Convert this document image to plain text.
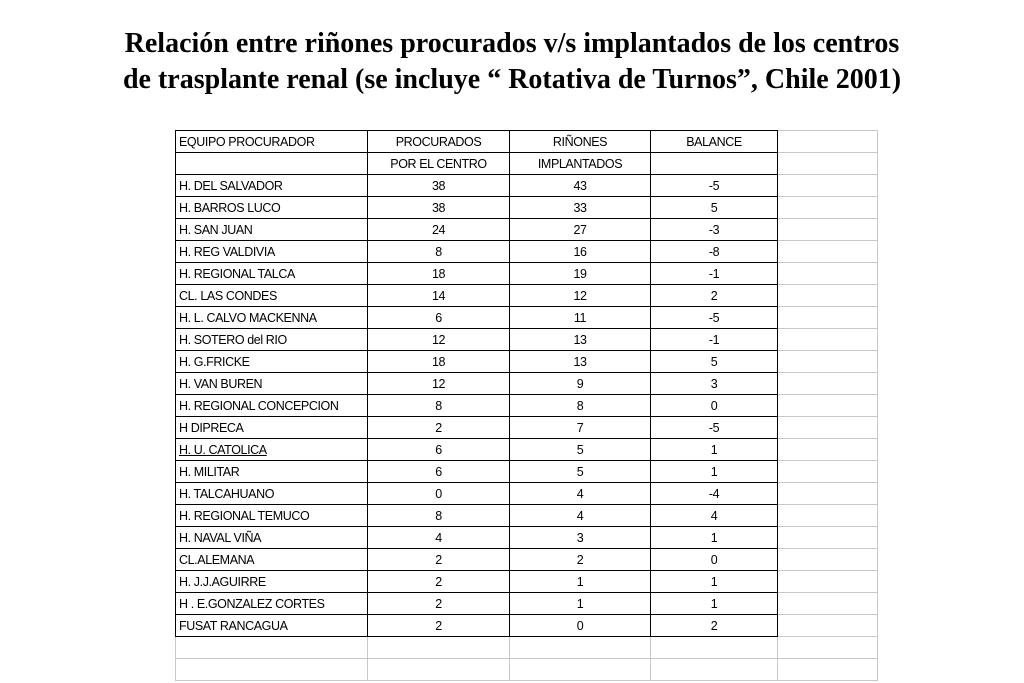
Relación entre riñones procurados v/s implantados de los centros
de trasplante renal (se incluye “ Rotativa de Turnos”, Chile 2001)
EQUIPO PROCURADOR	PROCURADOS	RIÑONES	BALANCE	
	POR EL CENTRO	IMPLANTADOS		
H. DEL SALVADOR	38	43	-5	
H. BARROS LUCO	38	33	5	
H. SAN JUAN	24	27	-3	
H. REG VALDIVIA	8	16	-8	
H. REGIONAL TALCA	18	19	-1	
CL. LAS CONDES	14	12	2	
H. L. CALVO MACKENNA	6	11	-5	
H. SOTERO del RIO	12	13	-1	
H. G.FRICKE	18	13	5	
H. VAN BUREN	12	9	3	
H. REGIONAL CONCEPCION	8	8	0	
H DIPRECA	2	7	-5	
H. U. CATOLICA	6	5	1	
H. MILITAR	6	5	1	
H. TALCAHUANO	0	4	-4	
H. REGIONAL TEMUCO	8	4	4	
H. NAVAL VIÑA	4	3	1	
CL.ALEMANA	2	2	0	
H. J.J.AGUIRRE	2	1	1	
H . E.GONZALEZ CORTES	2	1	1	
FUSAT RANCAGUA	2	0	2	
